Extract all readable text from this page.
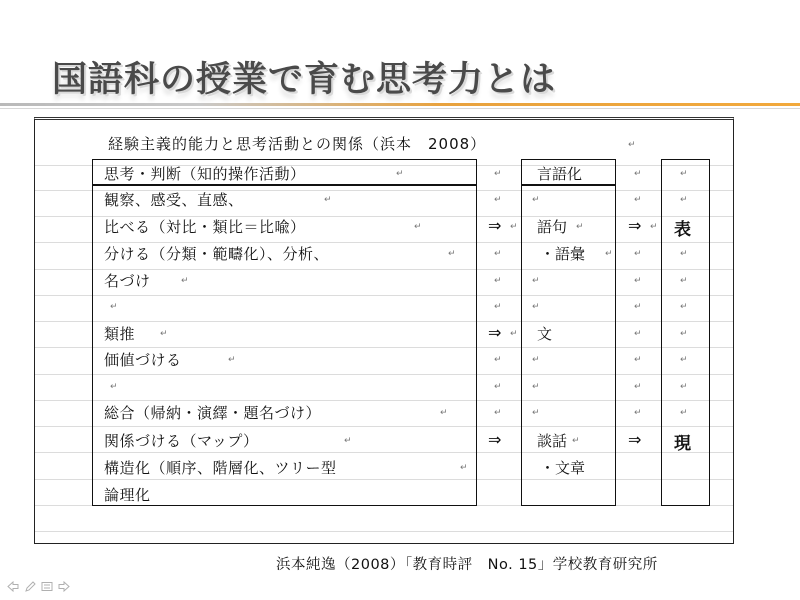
国語科の授業で育む思考力とは
経験主義的能力と思考活動との関係（浜本　2008）	↵
思考・判断（知的操作活動）	言語化
観察、感受、直感、
比べる（対比・類比＝比喩）
分ける（分類・範疇化）、分析、
名づけ
類推
価値づける
総合（帰納・演繹・題名づけ）
関係づける（マップ）
構造化（順序、階層化、ツリー型
論理化
↵
↵
↵
↵
↵
↵
↵
↵
↵
↵
↵
↵
↵
↵
⇒ ↵
↵
↵
↵
⇒ ↵
↵
↵
↵
⇒
語句 ↵
・語彙 ↵
文
談話 ↵
・文章
↵
↵
↵
↵
↵
↵
↵
↵
⇒ ↵
↵
↵
↵
↵
↵
↵
↵
⇒
表
現
↵
↵
↵
↵
↵
↵
↵
↵
↵
浜本純逸（2008）「教育時評　No. 15」学校教育研究所
